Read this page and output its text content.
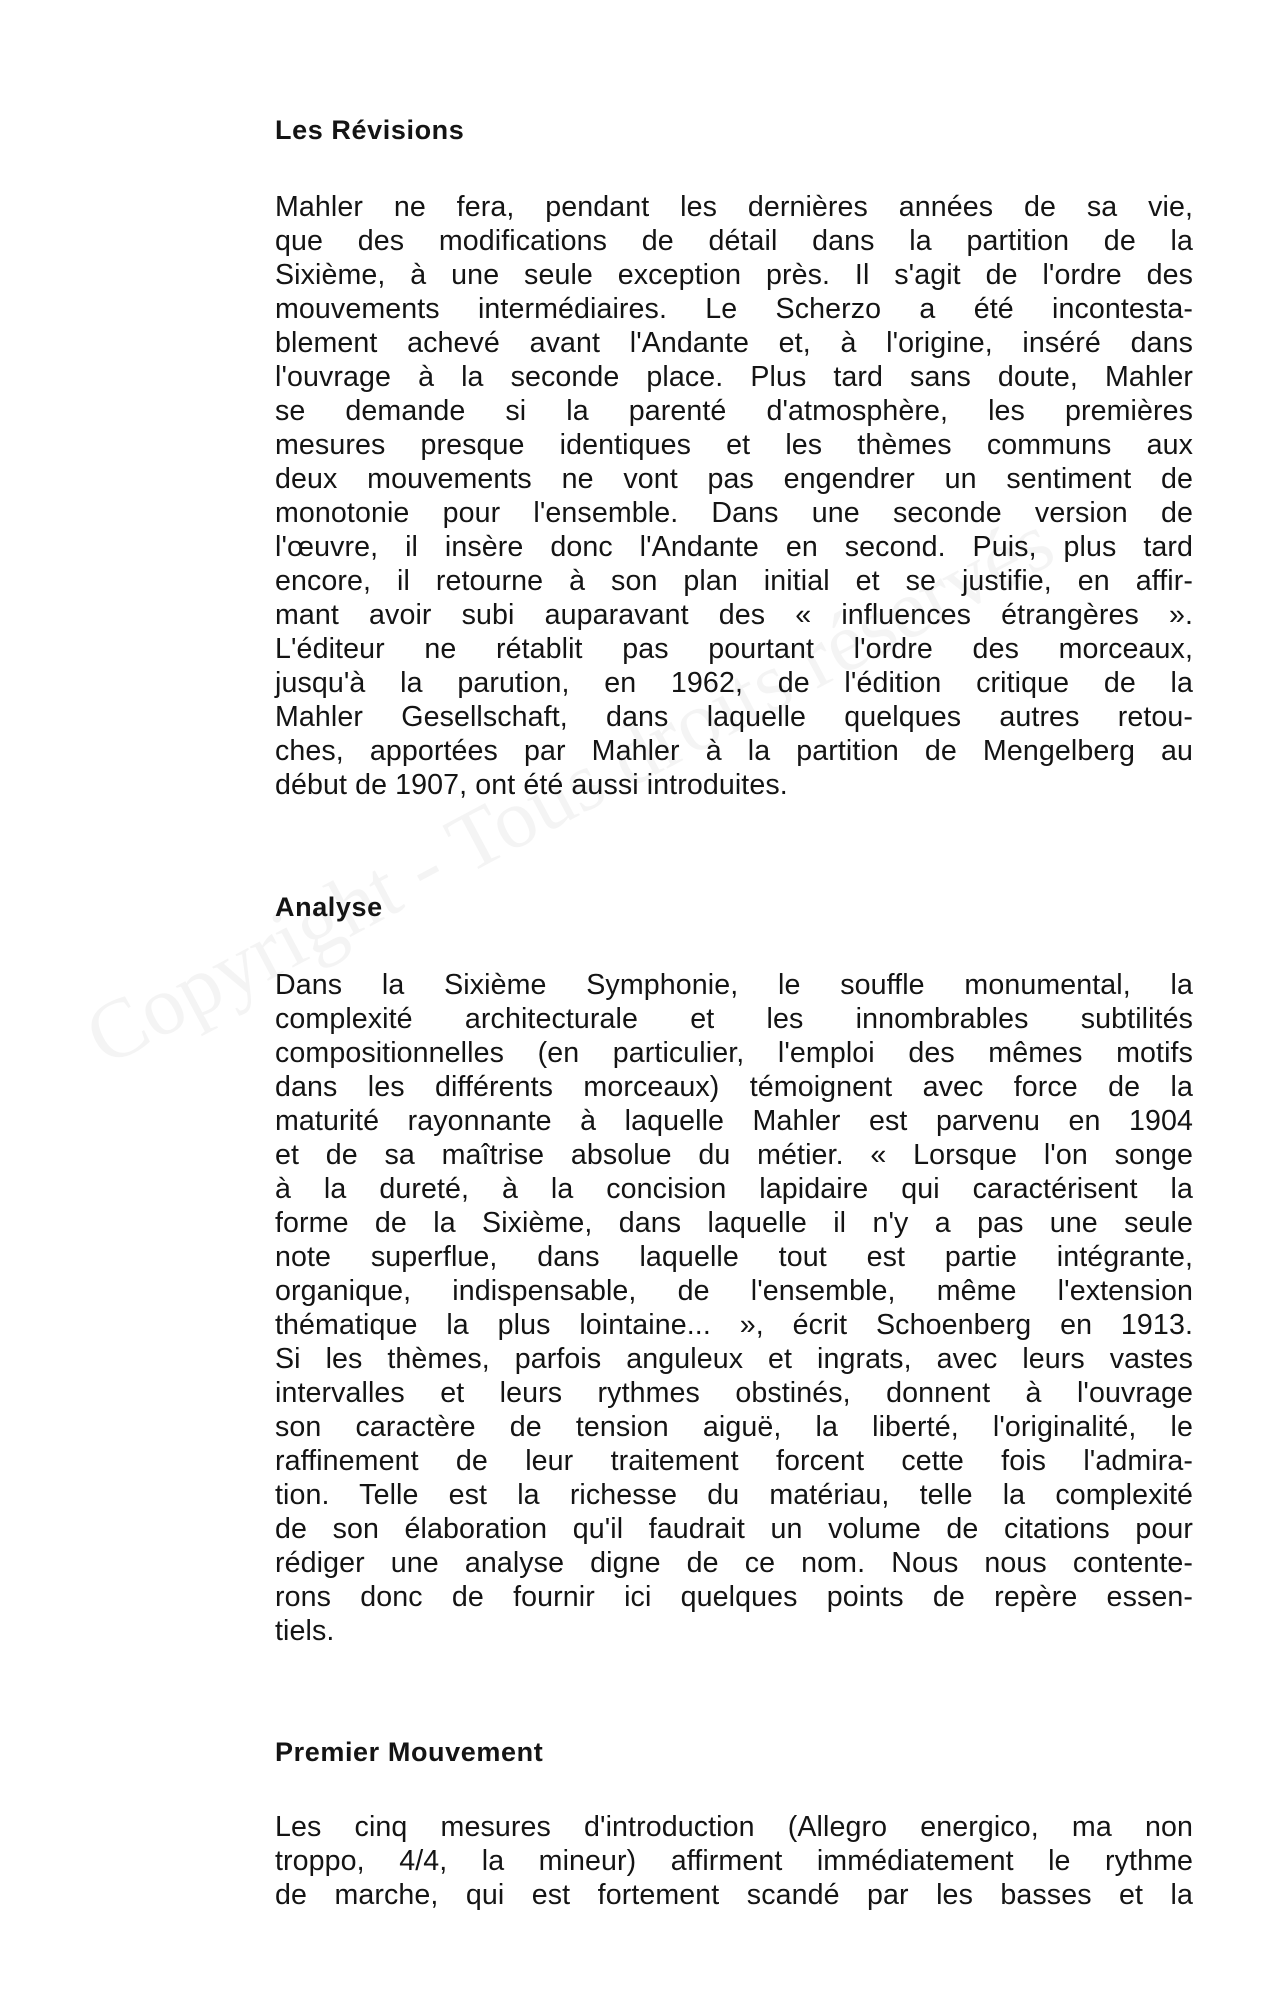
Les Révisions
Mahler ne fera, pendant les dernières années de sa vie,
que des modifications de détail dans la partition de la
Sixième, à une seule exception près. Il s'agit de l'ordre des
mouvements intermédiaires. Le Scherzo a été incontesta-
blement achevé avant l'Andante et, à l'origine, inséré dans
l'ouvrage à la seconde place. Plus tard sans doute, Mahler
se demande si la parenté d'atmosphère, les premières
mesures presque identiques et les thèmes communs aux
deux mouvements ne vont pas engendrer un sentiment de
monotonie pour l'ensemble. Dans une seconde version de
l'œuvre, il insère donc l'Andante en second. Puis, plus tard
encore, il retourne à son plan initial et se justifie, en affir-
mant avoir subi auparavant des « influences étrangères ».
L'éditeur ne rétablit pas pourtant l'ordre des morceaux,
jusqu'à la parution, en 1962, de l'édition critique de la
Mahler Gesellschaft, dans laquelle quelques autres retou-
ches, apportées par Mahler à la partition de Mengelberg au
début de 1907, ont été aussi introduites.
Analyse
Dans la Sixième Symphonie, le souffle monumental, la
complexité architecturale et les innombrables subtilités
compositionnelles (en particulier, l'emploi des mêmes motifs
dans les différents morceaux) témoignent avec force de la
maturité rayonnante à laquelle Mahler est parvenu en 1904
et de sa maîtrise absolue du métier. « Lorsque l'on songe
à la dureté, à la concision lapidaire qui caractérisent la
forme de la Sixième, dans laquelle il n'y a pas une seule
note superflue, dans laquelle tout est partie intégrante,
organique, indispensable, de l'ensemble, même l'extension
thématique la plus lointaine... », écrit Schoenberg en 1913.
Si les thèmes, parfois anguleux et ingrats, avec leurs vastes
intervalles et leurs rythmes obstinés, donnent à l'ouvrage
son caractère de tension aiguë, la liberté, l'originalité, le
raffinement de leur traitement forcent cette fois l'admira-
tion. Telle est la richesse du matériau, telle la complexité
de son élaboration qu'il faudrait un volume de citations pour
rédiger une analyse digne de ce nom. Nous nous contente-
rons donc de fournir ici quelques points de repère essen-
tiels.
Premier Mouvement
Les cinq mesures d'introduction (Allegro energico, ma non
troppo, 4/4, la mineur) affirment immédiatement le rythme
de marche, qui est fortement scandé par les basses et la
